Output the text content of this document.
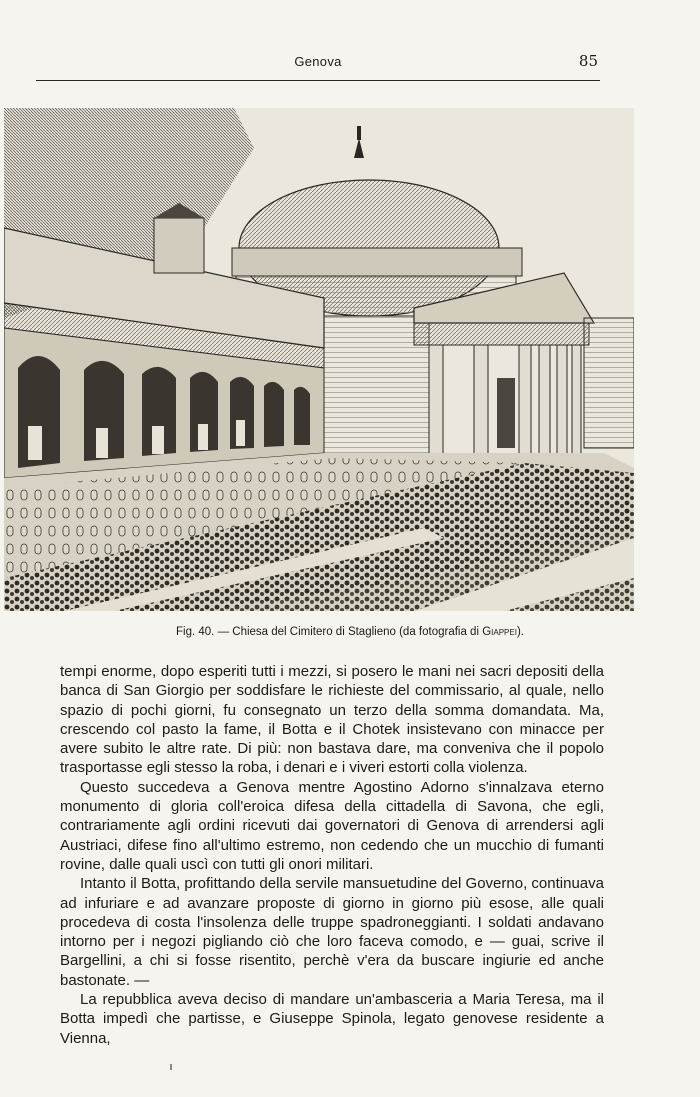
Genova	85
Fig. 40. — Chiesa del Cimitero di Staglieno (da fotografia di Giappei).

tempi enorme, dopo esperiti tutti i mezzi, si posero le mani nei sacri depositi della banca di San Giorgio per soddisfare le richieste del commissario, al quale, nello spazio di pochi giorni, fu consegnato un terzo della somma domandata. Ma, crescendo col pasto la fame, il Botta e il Chotek insistevano con minacce per avere subito le altre rate. Di più: non bastava dare, ma conveniva che il popolo trasportasse egli stesso la roba, i denari e i viveri estorti colla violenza.

Questo succedeva a Genova mentre Agostino Adorno s'innalzava eterno monumento di gloria coll'eroica difesa della cittadella di Savona, che egli, contrariamente agli ordini ricevuti dai governatori di Genova di arrendersi agli Austriaci, difese fino all'ultimo estremo, non cedendo che un mucchio di fumanti rovine, dalle quali uscì con tutti gli onori militari.

Intanto il Botta, profittando della servile mansuetudine del Governo, continuava ad infuriare e ad avanzare proposte di giorno in giorno più esose, alle quali procedeva di costa l'insolenza delle truppe spadroneggianti. I soldati andavano intorno per i negozi pigliando ciò che loro faceva comodo, e — guai, scrive il Bargellini, a chi si fosse risentito, perchè v'era da buscare ingiurie ed anche bastonate. —

La repubblica aveva deciso di mandare un'ambasceria a Maria Teresa, ma il Botta impedì che partisse, e Giuseppe Spinola, legato genovese residente a Vienna,
